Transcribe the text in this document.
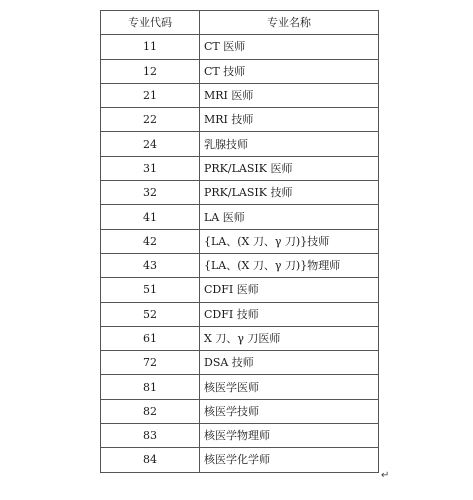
专业代码	专业名称
11	CT 医师
12	CT 技师
21	MRI 医师
22	MRI 技师
24	乳腺技师
31	PRK/LASIK 医师
32	PRK/LASIK 技师
41	LA 医师
42	{LA、(X 刀、γ 刀)}技师
43	{LA、(X 刀、γ 刀)}物理师
51	CDFI 医师
52	CDFI 技师
61	X 刀、γ 刀医师
72	DSA 技师
81	核医学医师
82	核医学技师
83	核医学物理师
84	核医学化学师
↵
